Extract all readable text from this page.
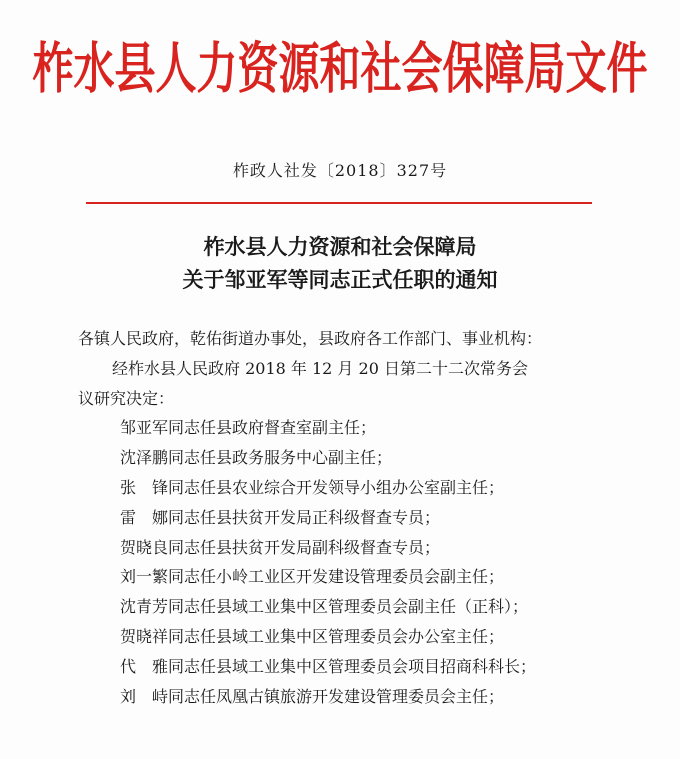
柞水县人力资源和社会保障局文件
柞政人社发〔2018〕327号
柞水县人力资源和社会保障局
关于邹亚军等同志正式任职的通知
各镇人民政府，乾佑街道办事处，县政府各工作部门、事业机构：
经柞水县人民政府 2018 年 12 月 20 日第二十二次常务会
议研究决定：
邹亚军同志任县政府督查室副主任；
沈泽鹏同志任县政务服务中心副主任；
张　锋同志任县农业综合开发领导小组办公室副主任；
雷　娜同志任县扶贫开发局正科级督查专员；
贺晓良同志任县扶贫开发局副科级督查专员；
刘一繁同志任小岭工业区开发建设管理委员会副主任；
沈青芳同志任县域工业集中区管理委员会副主任（正科）；
贺晓祥同志任县域工业集中区管理委员会办公室主任；
代　雅同志任县域工业集中区管理委员会项目招商科科长；
刘　峙同志任凤凰古镇旅游开发建设管理委员会主任；
